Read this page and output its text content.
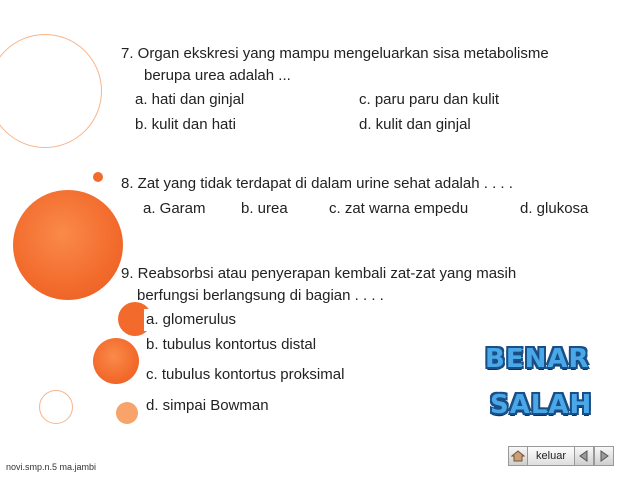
7. Organ ekskresi yang mampu mengeluarkan sisa metabolisme
berupa urea adalah ...
a. hati dan ginjal	c. paru paru dan kulit
b. kulit dan hati	d. kulit dan ginjal
8. Zat yang tidak terdapat di dalam urine sehat adalah . . . .
a. Garam b. urea	c. zat warna empedu	d. glukosa
9. Reabsorbsi atau penyerapan kembali zat-zat yang masih
berfungsi berlangsung di bagian . . . .
a. glomerulus
b. tubulus kontortus distal
c. tubulus kontortus proksimal
d. simpai Bowman
BENAR
SALAH
novi.smp.n.5 ma.jambi
keluar
